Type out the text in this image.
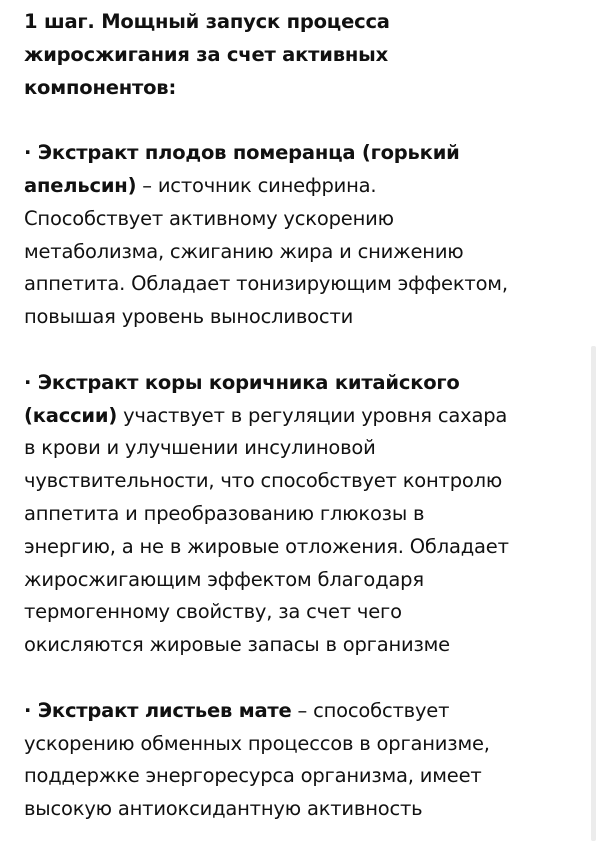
1 шаг. Мощный запуск процесса
жиросжигания за счет активных
компонентов:
· Экстракт плодов померанца (горький
апельсин) – источник синефрина.
Способствует активному ускорению
метаболизма, сжиганию жира и снижению
аппетита. Обладает тонизирующим эффектом,
повышая уровень выносливости
· Экстракт коры коричника китайского
(кассии) участвует в регуляции уровня сахара
в крови и улучшении инсулиновой
чувствительности, что способствует контролю
аппетита и преобразованию глюкозы в
энергию, а не в жировые отложения. Обладает
жиросжигающим эффектом благодаря
термогенному свойству, за счет чего
окисляются жировые запасы в организме
· Экстракт листьев мате – способствует
ускорению обменных процессов в организме,
поддержке энергоресурса организма, имеет
высокую антиоксидантную активность
